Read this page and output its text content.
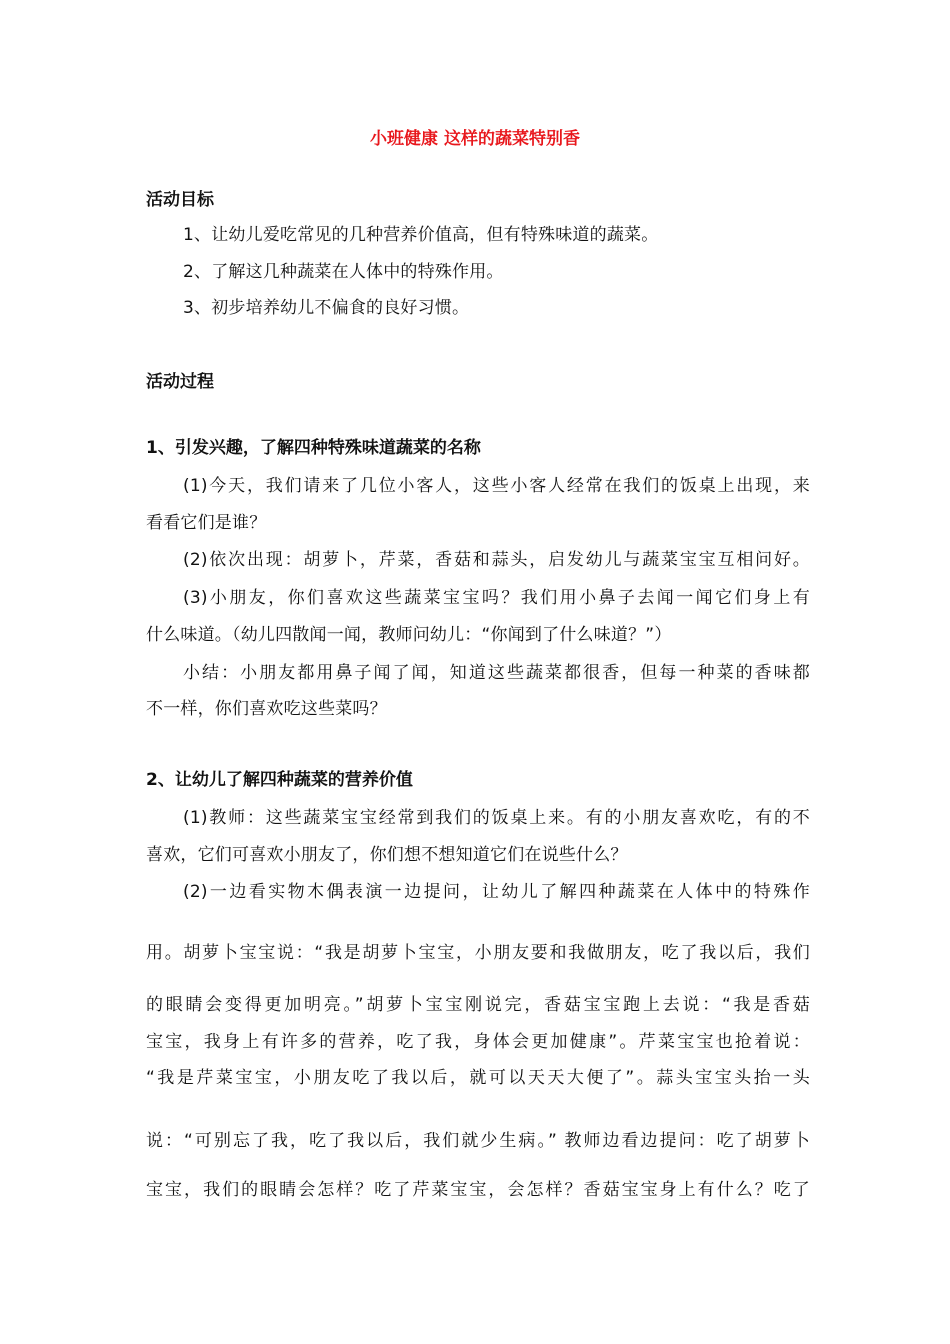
小班健康 这样的蔬菜特别香
活动目标
1、让幼儿爱吃常见的几种营养价值高，但有特殊味道的蔬菜。
2、了解这几种蔬菜在人体中的特殊作用。
3、初步培养幼儿不偏食的良好习惯。
活动过程
1、引发兴趣，了解四种特殊味道蔬菜的名称
(1)今天，我们请来了几位小客人，这些小客人经常在我们的饭桌上出现，来
看看它们是谁？
(2)依次出现：胡萝卜，芹菜，香菇和蒜头，启发幼儿与蔬菜宝宝互相问好。
(3)小朋友，你们喜欢这些蔬菜宝宝吗？我们用小鼻子去闻一闻它们身上有
什么味道。（幼儿四散闻一闻，教师问幼儿：“你闻到了什么味道？”）
小结：小朋友都用鼻子闻了闻，知道这些蔬菜都很香，但每一种菜的香味都
不一样，你们喜欢吃这些菜吗？
2、让幼儿了解四种蔬菜的营养价值
(1)教师：这些蔬菜宝宝经常到我们的饭桌上来。有的小朋友喜欢吃，有的不
喜欢，它们可喜欢小朋友了，你们想不想知道它们在说些什么？
(2)一边看实物木偶表演一边提问，让幼儿了解四种蔬菜在人体中的特殊作
用。胡萝卜宝宝说：“我是胡萝卜宝宝，小朋友要和我做朋友，吃了我以后，我们
的眼睛会变得更加明亮。”胡萝卜宝宝刚说完，香菇宝宝跑上去说：“我是香菇
宝宝，我身上有许多的营养，吃了我，身体会更加健康”。芹菜宝宝也抢着说：
“我是芹菜宝宝，小朋友吃了我以后，就可以天天大便了”。蒜头宝宝头抬一头
说：“可别忘了我，吃了我以后，我们就少生病。” 教师边看边提问：吃了胡萝卜
宝宝，我们的眼睛会怎样？吃了芹菜宝宝，会怎样？香菇宝宝身上有什么？吃了
